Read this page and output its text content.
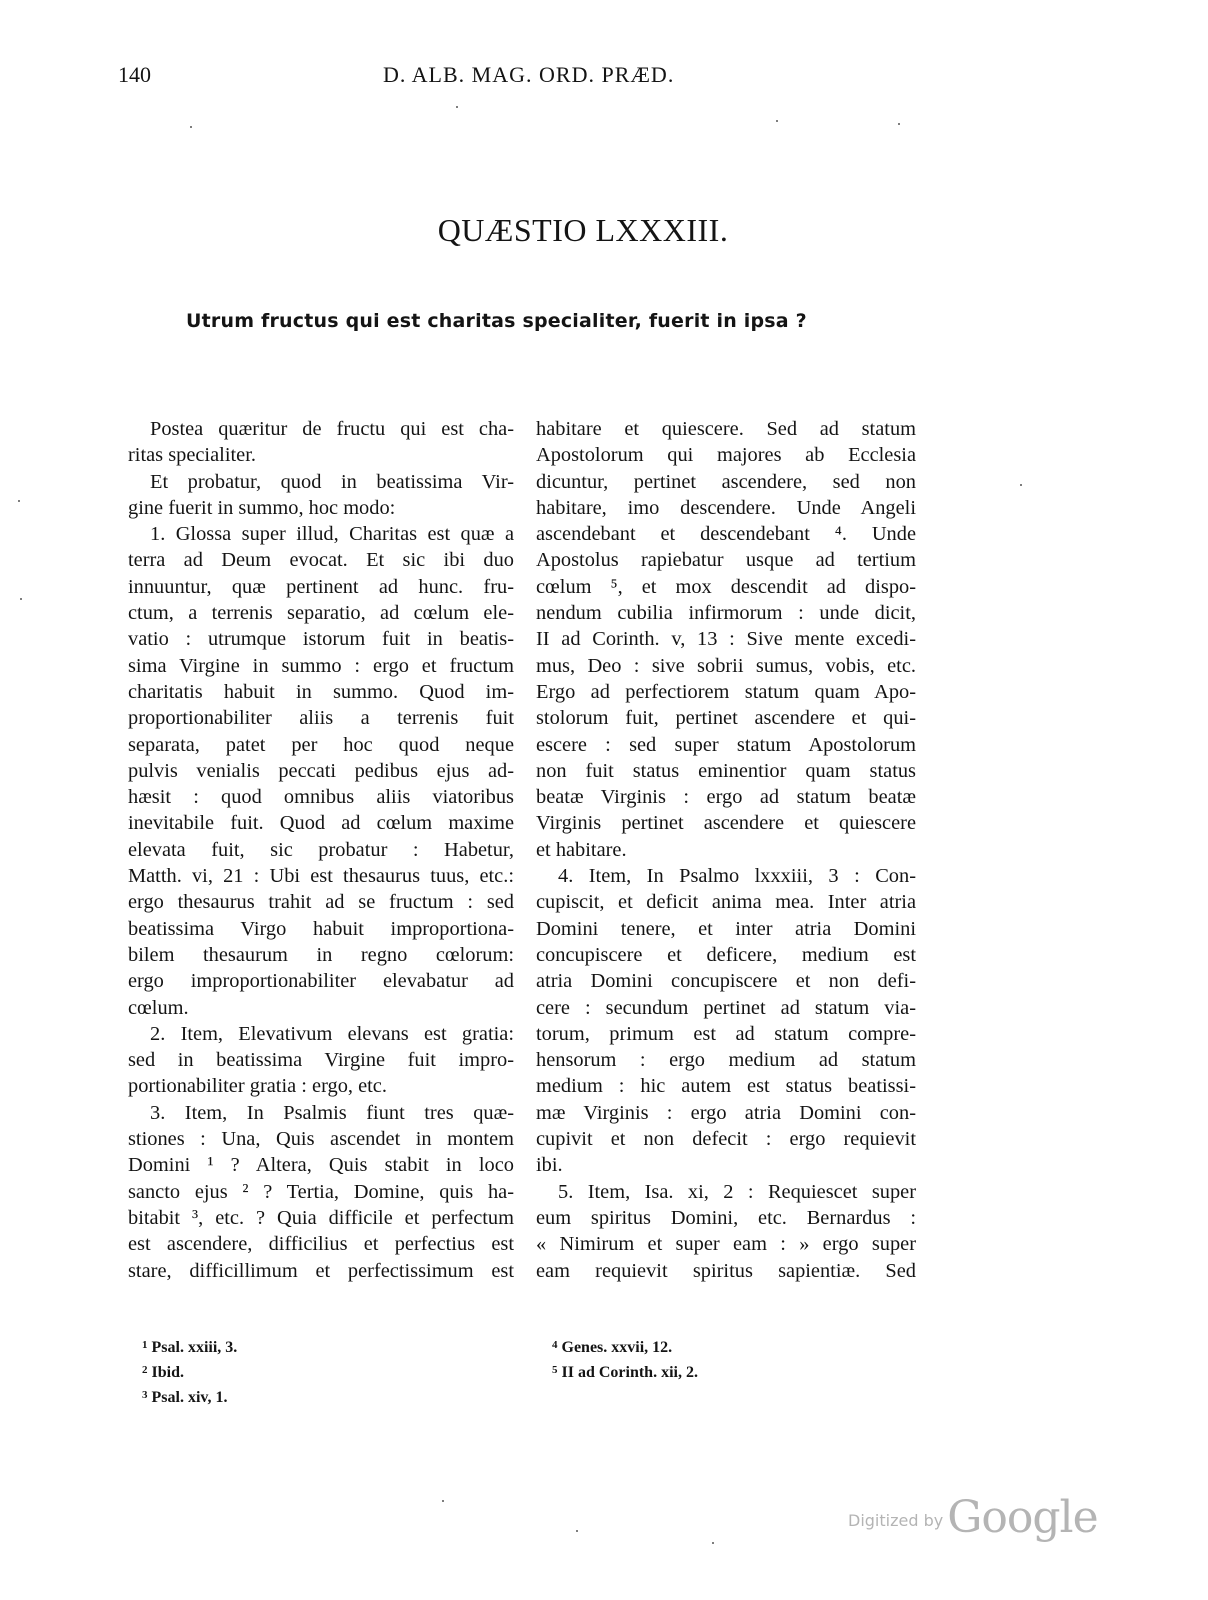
140	D. ALB. MAG. ORD. PRÆD.
QUÆSTIO LXXXIII.
Utrum fructus qui est charitas specialiter, fuerit in ipsa ?
Postea quæritur de fructu qui est cha-
ritas specialiter.
Et probatur, quod in beatissima Vir-
gine fuerit in summo, hoc modo:
1. Glossa super illud, Charitas est quæ a
terra ad Deum evocat. Et sic ibi duo
innuuntur, quæ pertinent ad hunc. fru-
ctum, a terrenis separatio, ad cœlum ele-
vatio : utrumque istorum fuit in beatis-
sima Virgine in summo : ergo et fructum
charitatis habuit in summo. Quod im-
proportionabiliter aliis a terrenis fuit
separata, patet per hoc quod neque
pulvis venialis peccati pedibus ejus ad-
hæsit : quod omnibus aliis viatoribus
inevitabile fuit. Quod ad cœlum maxime
elevata fuit, sic probatur : Habetur,
Matth. vi, 21 : Ubi est thesaurus tuus, etc.:
ergo thesaurus trahit ad se fructum : sed
beatissima Virgo habuit improportiona-
bilem thesaurum in regno cœlorum:
ergo improportionabiliter elevabatur ad
cœlum.
2. Item, Elevativum elevans est gratia:
sed in beatissima Virgine fuit impro-
portionabiliter gratia : ergo, etc.
3. Item, In Psalmis fiunt tres quæ-
stiones : Una, Quis ascendet in montem
Domini ¹ ? Altera, Quis stabit in loco
sancto ejus ² ? Tertia, Domine, quis ha-
bitabit ³, etc. ? Quia difficile et perfectum
est ascendere, difficilius et perfectius est
stare, difficillimum et perfectissimum est
habitare et quiescere. Sed ad statum
Apostolorum qui majores ab Ecclesia
dicuntur, pertinet ascendere, sed non
habitare, imo descendere. Unde Angeli
ascendebant et descendebant ⁴. Unde
Apostolus rapiebatur usque ad tertium
cœlum ⁵, et mox descendit ad dispo-
nendum cubilia infirmorum : unde dicit,
II ad Corinth. v, 13 : Sive mente excedi-
mus, Deo : sive sobrii sumus, vobis, etc.
Ergo ad perfectiorem statum quam Apo-
stolorum fuit, pertinet ascendere et qui-
escere : sed super statum Apostolorum
non fuit status eminentior quam status
beatæ Virginis : ergo ad statum beatæ
Virginis pertinet ascendere et quiescere
et habitare.
4. Item, In Psalmo lxxxiii, 3 : Con-
cupiscit, et deficit anima mea. Inter atria
Domini tenere, et inter atria Domini
concupiscere et deficere, medium est
atria Domini concupiscere et non defi-
cere : secundum pertinet ad statum via-
torum, primum est ad statum compre-
hensorum : ergo medium ad statum
medium : hic autem est status beatissi-
mæ Virginis : ergo atria Domini con-
cupivit et non defecit : ergo requievit
ibi.
5. Item, Isa. xi, 2 : Requiescet super
eum spiritus Domini, etc. Bernardus :
« Nimirum et super eam : » ergo super
eam requievit spiritus sapientiæ. Sed
$^1$ Psal. xxiii, 3.
$^2$ Ibid.
$^3$ Psal. xiv, 1.
$^4$ Genes. xxvii, 12.
$^5$ II ad Corinth. xii, 2.
Digitized by Google
